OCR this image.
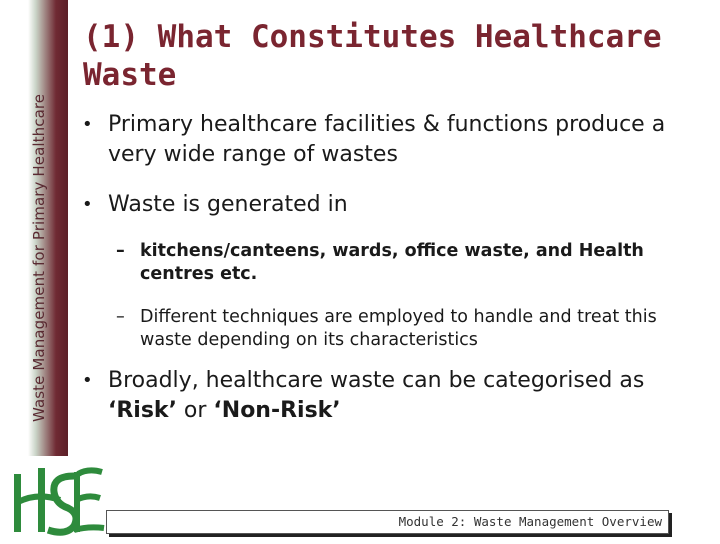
Waste Management for Primary Healthcare
(1) What Constitutes Healthcare Waste
• Primary healthcare facilities & functions produce a very wide range of wastes
• Waste is generated in
– kitchens/canteens, wards, office waste, and Health centres etc.
– Different techniques are employed to handle and treat this waste depending on its characteristics
• Broadly, healthcare waste can be categorised as ‘Risk’ or ‘Non-Risk’
Module 2: Waste Management Overview
